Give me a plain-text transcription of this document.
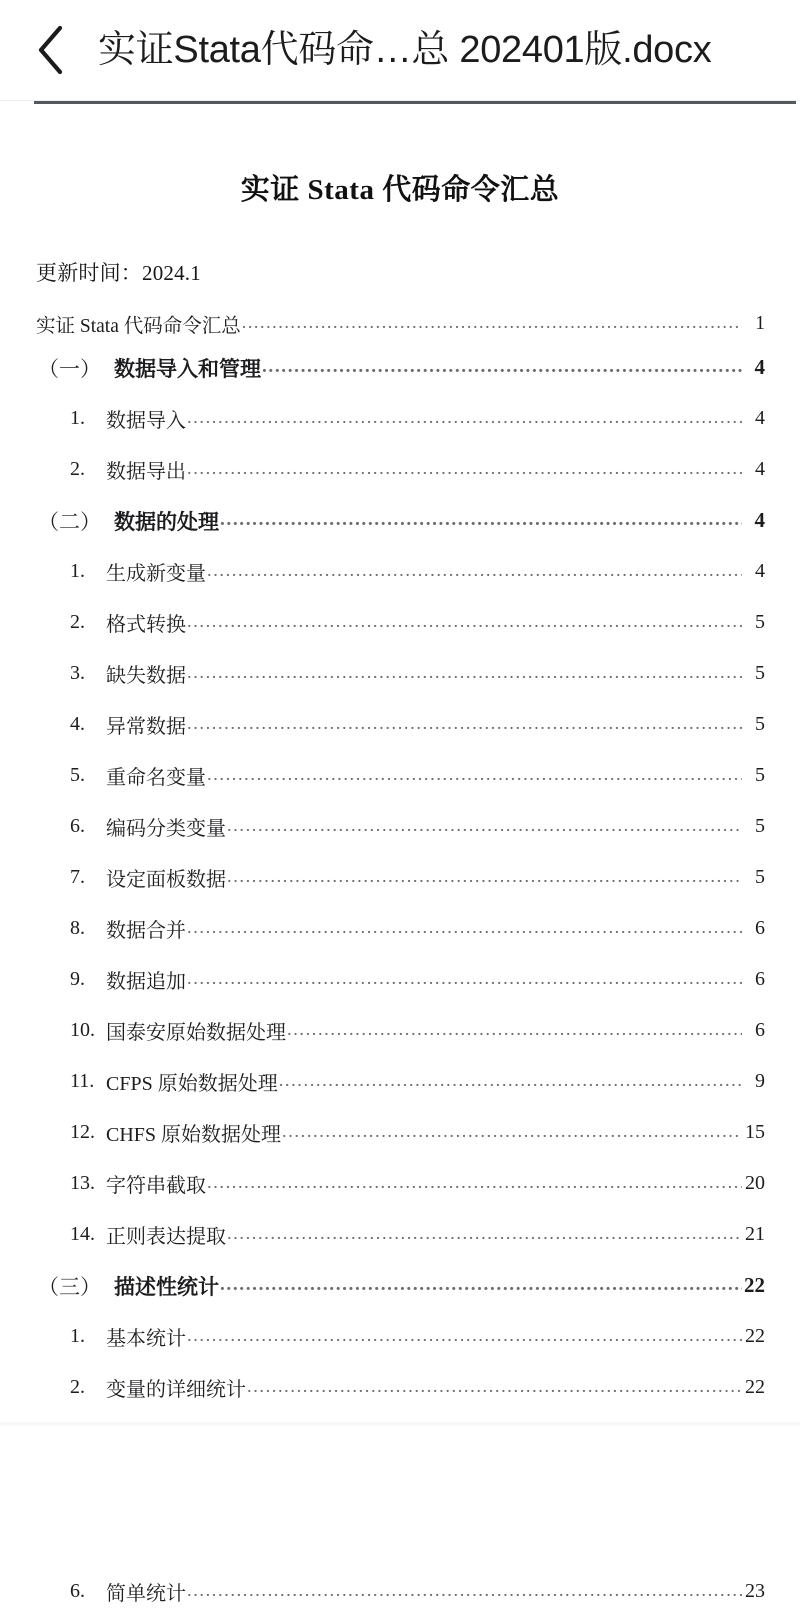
实证Stata代码命…总 202401版.docx
实证 Stata 代码命令汇总

更新时间：2024.1

实证 Stata 代码命令汇总 .....	1
（一） 数据导入和管理 .....	4
1.	数据导入 .....	4
2.	数据导出 .....	4
（二） 数据的处理 .....	4
1.	生成新变量 .....	4
2.	格式转换 .....	5
3.	缺失数据 .....	5
4.	异常数据 .....	5
5.	重命名变量 .....	5
6.	编码分类变量 .....	5
7.	设定面板数据 .....	5
8.	数据合并 .....	6
9.	数据追加 .....	6
10. 国泰安原始数据处理 .....	6
11. CFPS 原始数据处理 .....	9
12. CHFS 原始数据处理 .....	15
13. 字符串截取 .....	20
14. 正则表达提取 .....	21
（三） 描述性统计 .....	22
1.	基本统计 .....	22
2.	变量的详细统计 .....	22
.....
.....
.....
6.	简单统计 .....	23
